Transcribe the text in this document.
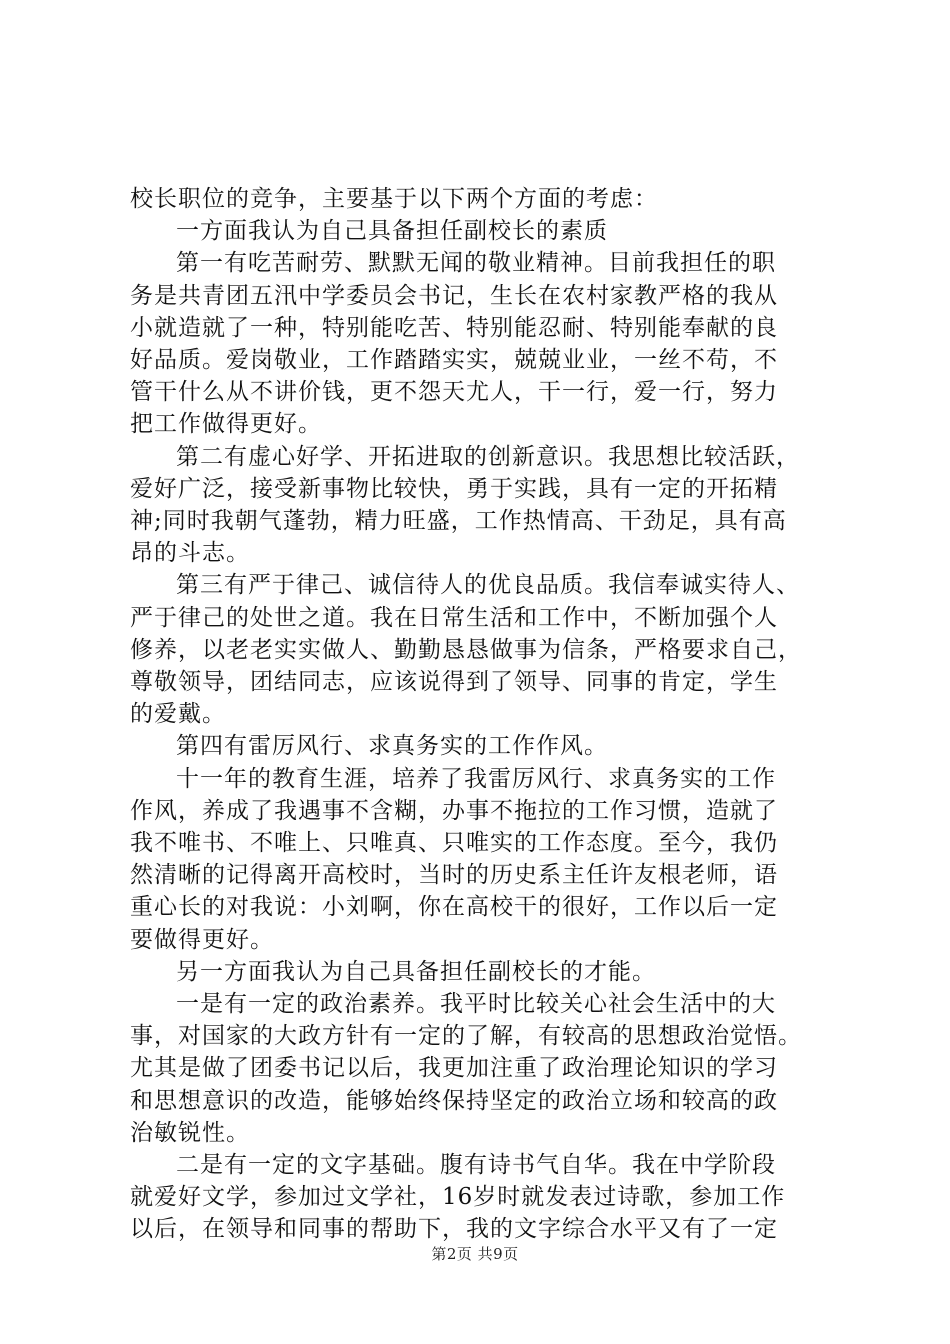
校长职位的竞争，主要基于以下两个方面的考虑：
一方面我认为自己具备担任副校长的素质
第一有吃苦耐劳、默默无闻的敬业精神。目前我担任的职
务是共青团五汛中学委员会书记，生长在农村家教严格的我从
小就造就了一种，特别能吃苦、特别能忍耐、特别能奉献的良
好品质。爱岗敬业，工作踏踏实实，兢兢业业，一丝不苟，不
管干什么从不讲价钱，更不怨天尤人，干一行，爱一行，努力
把工作做得更好。
第二有虚心好学、开拓进取的创新意识。我思想比较活跃，
爱好广泛，接受新事物比较快，勇于实践，具有一定的开拓精
神;同时我朝气蓬勃，精力旺盛，工作热情高、干劲足，具有高
昂的斗志。
第三有严于律己、诚信待人的优良品质。我信奉诚实待人、
严于律己的处世之道。我在日常生活和工作中，不断加强个人
修养，以老老实实做人、勤勤恳恳做事为信条，严格要求自己，
尊敬领导，团结同志，应该说得到了领导、同事的肯定，学生
的爱戴。
第四有雷厉风行、求真务实的工作作风。
十一年的教育生涯，培养了我雷厉风行、求真务实的工作
作风，养成了我遇事不含糊，办事不拖拉的工作习惯，造就了
我不唯书、不唯上、只唯真、只唯实的工作态度。至今，我仍
然清晰的记得离开高校时，当时的历史系主任许友根老师，语
重心长的对我说：小刘啊，你在高校干的很好，工作以后一定
要做得更好。
另一方面我认为自己具备担任副校长的才能。
一是有一定的政治素养。我平时比较关心社会生活中的大
事，对国家的大政方针有一定的了解，有较高的思想政治觉悟。
尤其是做了团委书记以后，我更加注重了政治理论知识的学习
和思想意识的改造，能够始终保持坚定的政治立场和较高的政
治敏锐性。
二是有一定的文字基础。腹有诗书气自华。我在中学阶段
就爱好文学，参加过文学社，16岁时就发表过诗歌，参加工作
以后，在领导和同事的帮助下，我的文字综合水平又有了一定
第2页 共9页
